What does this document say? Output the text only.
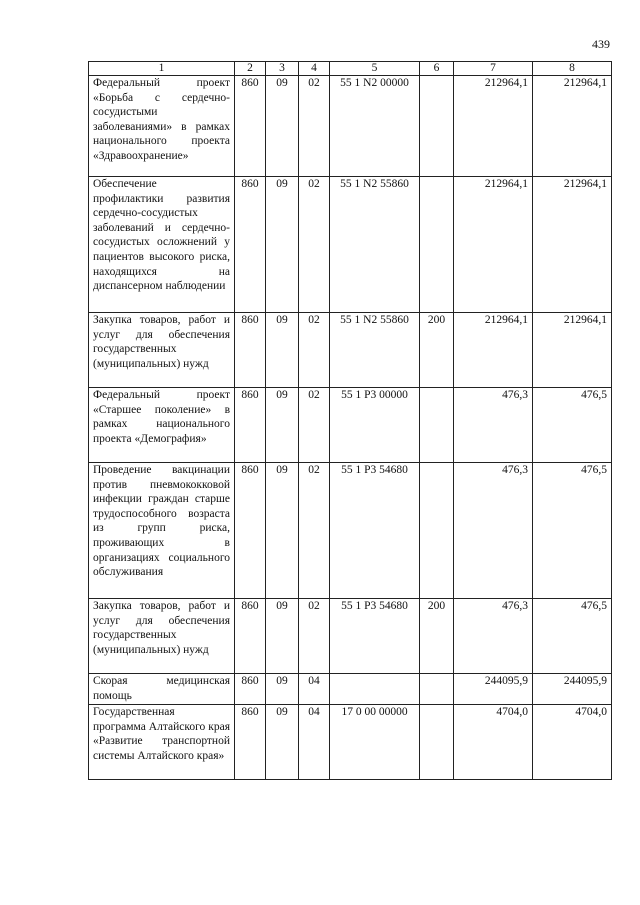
439
1	2	3	4	5	6	7	8
Федеральный проект «Борьба с сердечно-сосудистыми заболеваниями» в рамках национального проекта «Здравоохранение»	860	09	02	55 1 N2 00000		212964,1	212964,1
Обеспечение профилактики развития сердечно-сосудистых заболеваний и сердечно-сосудистых осложнений у пациентов высокого риска, находящихся на диспансерном наблюдении	860	09	02	55 1 N2 55860		212964,1	212964,1
Закупка товаров, работ и услуг для обеспечения государственных (муниципальных) нужд	860	09	02	55 1 N2 55860	200	212964,1	212964,1
Федеральный проект «Старшее поколение» в рамках национального проекта «Демография»	860	09	02	55 1 P3 00000		476,3	476,5
Проведение вакцинации против пневмококковой инфекции граждан старше трудоспособного возраста из групп риска, проживающих в организациях социального обслуживания	860	09	02	55 1 P3 54680		476,3	476,5
Закупка товаров, работ и услуг для обеспечения государственных (муниципальных) нужд	860	09	02	55 1 P3 54680	200	476,3	476,5
Скорая медицинская помощь	860	09	04			244095,9	244095,9
Государственная программа Алтайского края «Развитие транспортной системы Алтайского края»	860	09	04	17 0 00 00000		4704,0	4704,0
